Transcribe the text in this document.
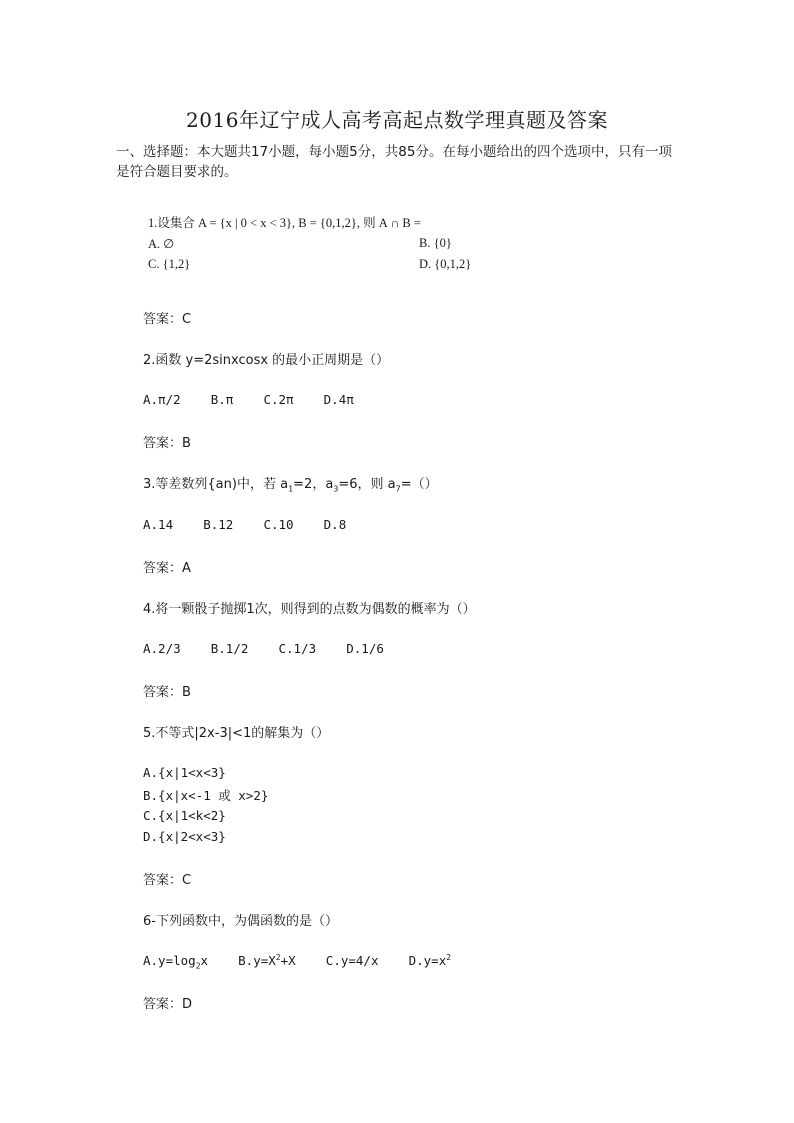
2016年辽宁成人高考高起点数学理真题及答案
一、选择题：本大题共17小题，每小题5分，共85分。在每小题给出的四个选项中，只有一项是符合题目要求的。
1.设集合 A = {x | 0 < x < 3}, B = {0,1,2}, 则 A ∩ B =
A. ∅	B. {0}
C. {1,2}	D. {0,1,2}
答案：C
2.函数 y=2sinxcosx 的最小正周期是（）
A.π/2 B.π C.2π D.4π
答案：B
3.等差数列{an)中，若 $a_1=2$，$a_3=6$，则 $a_7=()$
A.14 B.12 C.10 D.8
答案：A
4.将一颗骰子抛掷1次，则得到的点数为偶数的概率为（）
A.2/3 B.1/2 C.1/3 D.1/6
答案：B
5.不等式|2x-3|<1的解集为（）
A.{x|1<x<3}
B.{x|x<-1 或 x>2}
C.{x|1<k<2}
D.{x|2<x<3}
答案：C
6-下列函数中，为偶函数的是（）
$A.y=\log_2x$ $B.y=X^2+X$ C.y=4/x $D.y=x^2$
答案：D
